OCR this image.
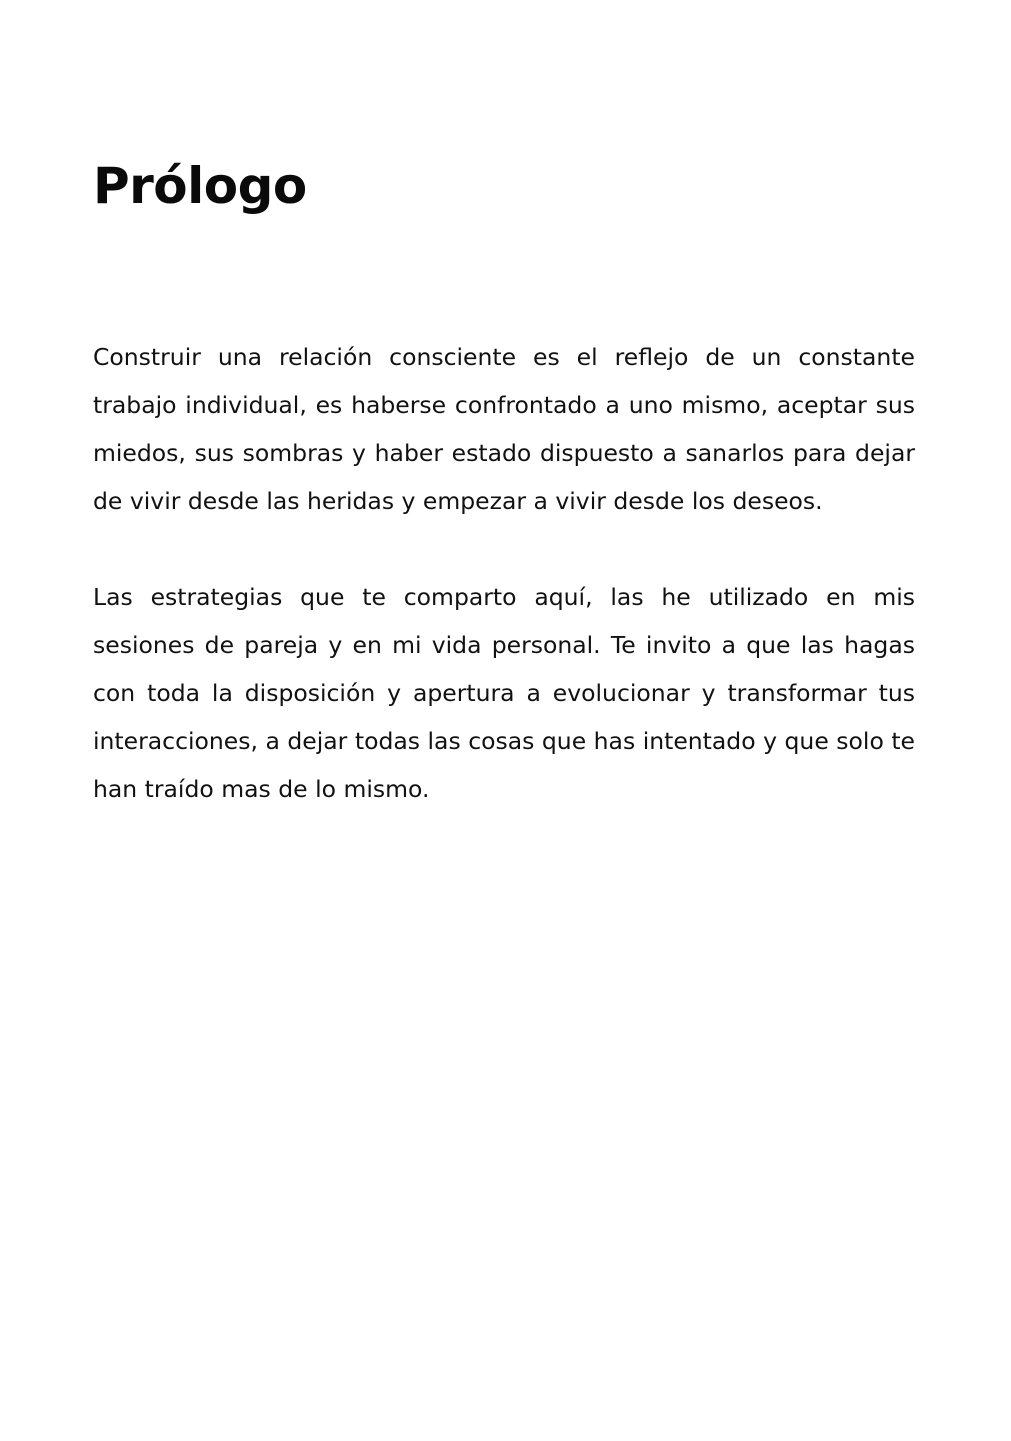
Prólogo

Construir una relación consciente es el reflejo de un constante trabajo individual, es haberse confrontado a uno mismo, aceptar sus miedos, sus sombras y haber estado dispuesto a sanarlos para dejar de vivir desde las heridas y empezar a vivir desde los deseos.

Las estrategias que te comparto aquí, las he utilizado en mis sesiones de pareja y en mi vida personal. Te invito a que las hagas con toda la disposición y apertura a evolucionar y transformar tus interacciones, a dejar todas las cosas que has intentado y que solo te han traído mas de lo mismo.
